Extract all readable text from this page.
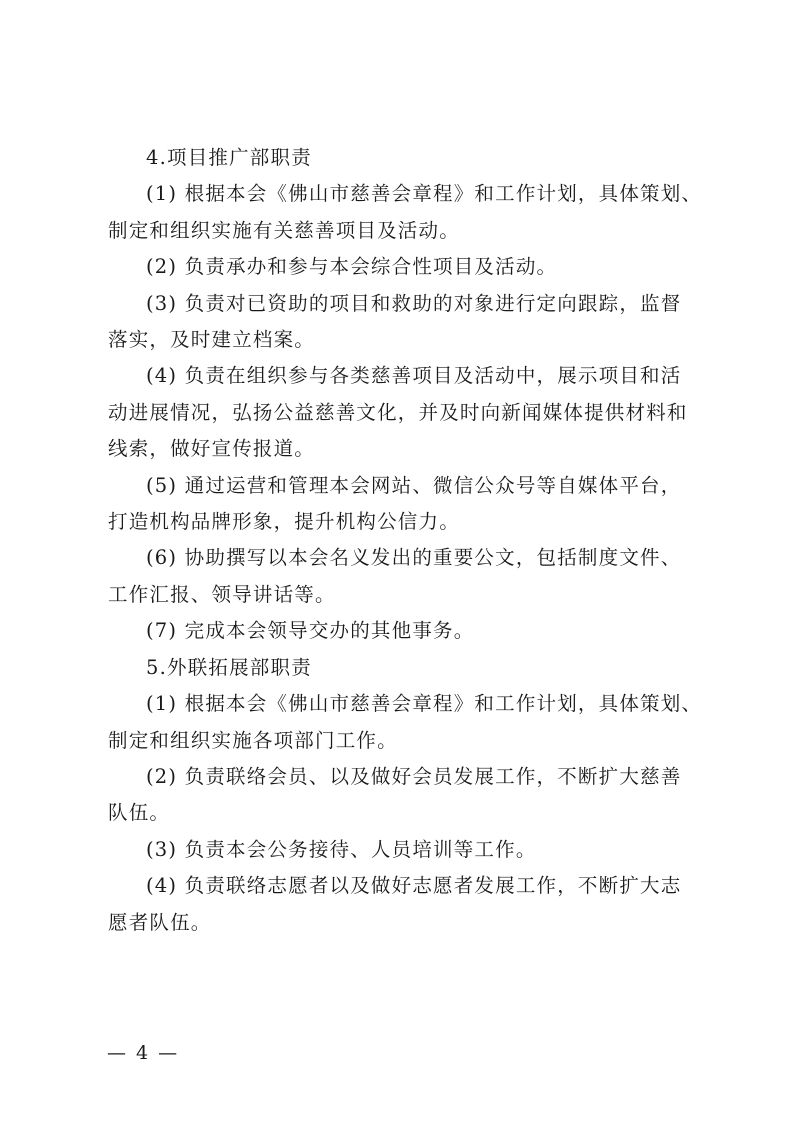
4.项目推广部职责
(1) 根据本会《佛山市慈善会章程》和工作计划，具体策划、
制定和组织实施有关慈善项目及活动。
(2) 负责承办和参与本会综合性项目及活动。
(3) 负责对已资助的项目和救助的对象进行定向跟踪，监督
落实，及时建立档案。
(4) 负责在组织参与各类慈善项目及活动中，展示项目和活
动进展情况，弘扬公益慈善文化，并及时向新闻媒体提供材料和
线索，做好宣传报道。
(5) 通过运营和管理本会网站、微信公众号等自媒体平台，
打造机构品牌形象，提升机构公信力。
(6) 协助撰写以本会名义发出的重要公文，包括制度文件、
工作汇报、领导讲话等。
(7) 完成本会领导交办的其他事务。
5.外联拓展部职责
(1) 根据本会《佛山市慈善会章程》和工作计划，具体策划、
制定和组织实施各项部门工作。
(2) 负责联络会员、以及做好会员发展工作，不断扩大慈善
队伍。
(3) 负责本会公务接待、人员培训等工作。
(4) 负责联络志愿者以及做好志愿者发展工作，不断扩大志
愿者队伍。
— 4 —
